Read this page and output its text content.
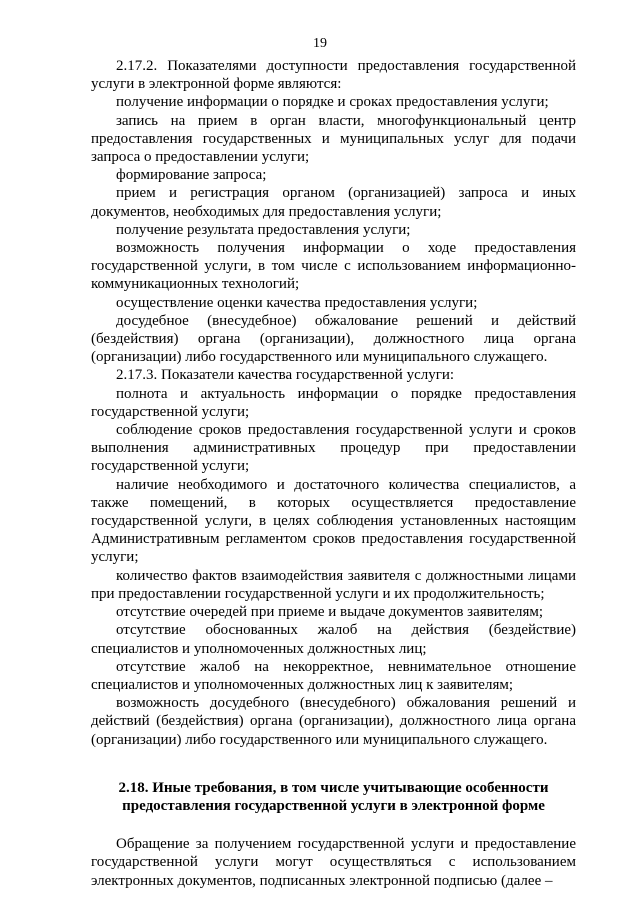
19

2.17.2. Показателями доступности предоставления государственной услуги в электронной форме являются:

получение информации о порядке и сроках предоставления услуги;

запись на прием в орган власти, многофункциональный центр предоставления государственных и муниципальных услуг для подачи запроса о предоставлении услуги;

формирование запроса;

прием и регистрация органом (организацией) запроса и иных документов, необходимых для предоставления услуги;

получение результата предоставления услуги;

возможность получения информации о ходе предоставления государственной услуги, в том числе с использованием информационно-коммуникационных технологий;

осуществление оценки качества предоставления услуги;

досудебное (внесудебное) обжалование решений и действий (бездействия) органа (организации), должностного лица органа (организации) либо государственного или муниципального служащего.

2.17.3. Показатели качества государственной услуги:

полнота и актуальность информации о порядке предоставления государственной услуги;

соблюдение сроков предоставления государственной услуги и сроков выполнения административных процедур при предоставлении государственной услуги;

наличие необходимого и достаточного количества специалистов, а также помещений, в которых осуществляется предоставление государственной услуги, в целях соблюдения установленных настоящим Административным регламентом сроков предоставления государственной услуги;

количество фактов взаимодействия заявителя с должностными лицами при предоставлении государственной услуги и их продолжительность;

отсутствие очередей при приеме и выдаче документов заявителям;

отсутствие обоснованных жалоб на действия (бездействие) специалистов и уполномоченных должностных лиц;

отсутствие жалоб на некорректное, невнимательное отношение специалистов и уполномоченных должностных лиц к заявителям;

возможность досудебного (внесудебного) обжалования решений и действий (бездействия) органа (организации), должностного лица органа (организации) либо государственного или муниципального служащего.

2.18. Иные требования, в том числе учитывающие особенности
предоставления государственной услуги в электронной форме

Обращение за получением государственной услуги и предоставление государственной услуги могут осуществляться с использованием электронных документов, подписанных электронной подписью (далее –
